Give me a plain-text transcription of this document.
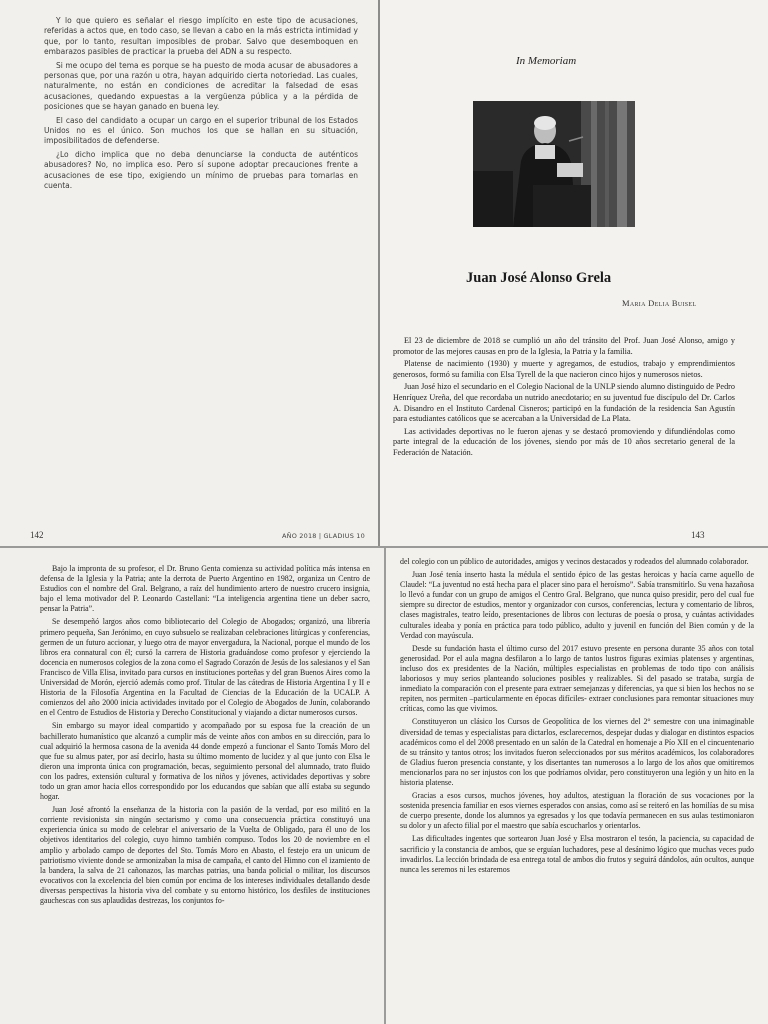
Y lo que quiero es señalar el riesgo implícito en este tipo de acusaciones, referidas a actos que, en todo caso, se llevan a cabo en la más estricta intimidad y que, por lo tanto, resultan imposibles de probar. Salvo que desemboquen en embarazos pasibles de practicar la prueba del ADN a su respecto.

Si me ocupo del tema es porque se ha puesto de moda acusar de abusadores a personas que, por una razón u otra, hayan adquirido cierta notoriedad. Las cuales, naturalmente, no están en condiciones de acreditar la falsedad de esas acusaciones, quedando expuestas a la vergüenza pública y a la pérdida de posiciones que se hayan ganado en buena ley.

El caso del candidato a ocupar un cargo en el superior tribunal de los Estados Unidos no es el único. Son muchos los que se hallan en su situación, imposibilitados de defenderse.

¿Lo dicho implica que no deba denunciarse la conducta de auténticos abusadores? No, no implica eso. Pero sí supone adoptar precauciones frente a acusaciones de ese tipo, exigiendo un mínimo de pruebas para tomarlas en cuenta.

142	AÑO 2018 | GLADIUS 10
In Memoriam
Juan José Alonso Grela
Maria Delia Buisel

El 23 de diciembre de 2018 se cumplió un año del tránsito del Prof. Juan José Alonso, amigo y promotor de las mejores causas en pro de la Iglesia, la Patria y la familia.

Platense de nacimiento (1930) y muerte y agregamos, de estudios, trabajo y emprendimientos generosos, formó su familia con Elsa Tyrell de la que nacieron cinco hijos y numerosos nietos.

Juan José hizo el secundario en el Colegio Nacional de la UNLP siendo alumno distinguido de Pedro Henríquez Ureña, del que recordaba un nutrido anecdotario; en su juventud fue discípulo del Dr. Carlos A. Disandro en el Instituto Cardenal Cisneros; participó en la fundación de la residencia San Agustín para estudiantes católicos que se acercaban a la Universidad de La Plata.

Las actividades deportivas no le fueron ajenas y se destacó promoviendo y difundiéndolas como parte integral de la educación de los jóvenes, siendo por más de 10 años secretario general de la Federación de Natación.

143

Bajo la impronta de su profesor, el Dr. Bruno Genta comienza su actividad política más intensa en defensa de la Iglesia y la Patria; ante la derrota de Puerto Argentino en 1982, organiza un Centro de Estudios con el nombre del Gral. Belgrano, a raíz del hundimiento artero de nuestro crucero insignia, bajo el lema motivador del P. Leonardo Castellani: “La inteligencia argentina tiene un deber sacro, pensar la Patria”.

Se desempeñó largos años como bibliotecario del Colegio de Abogados; organizó, una librería primero pequeña, San Jerónimo, en cuyo subsuelo se realizaban celebraciones litúrgicas y conferencias, germen de un futuro accionar, y luego otra de mayor envergadura, la Nacional, porque el mundo de los libros era connatural con él; cursó la carrera de Historia graduándose como profesor y ejerciendo la docencia en numerosos colegios de la zona como el Sagrado Corazón de Jesús de los salesianos y el San Francisco de Villa Elisa, invitado para cursos en instituciones porteñas y del gran Buenos Aires como la Universidad de Morón, ejerció además como prof. Titular de las cátedras de Historia Argentina I y II e Historia de la Filosofía Argentina en la Facultad de Ciencias de la Educación de la UCALP. A comienzos del año 2000 inicia actividades invitado por el Colegio de Abogados de Junín, colaborando en el Centro de Estudios de Historia y Derecho Constitucional y viajando a dictar numerosos cursos.

Sin embargo su mayor ideal compartido y acompañado por su esposa fue la creación de un bachillerato humanístico que alcanzó a cumplir más de veinte años con ambos en su dirección, para lo cual adquirió la hermosa casona de la avenida 44 donde empezó a funcionar el Santo Tomás Moro del que fue su almus pater, por así decirlo, hasta su último momento de lucidez y al que junto con Elsa le dieron una impronta única con programación, becas, seguimiento personal del alumnado, trato fluido con los padres, extensión cultural y formativa de los niños y jóvenes, actividades deportivas y sobre todo un gran amor hacia ellos correspondido por los educandos que sabían que allí estaba su segundo hogar.

Juan José afrontó la enseñanza de la historia con la pasión de la verdad, por eso militó en la corriente revisionista sin ningún sectarismo y como una consecuencia práctica constituyó una experiencia única su modo de celebrar el aniversario de la Vuelta de Obligado, para él uno de los objetivos identitarios del colegio, cuyo himno también compuso. Todos los 20 de noviembre en el amplio y arbolado campo de deportes del Sto. Tomás Moro en Abasto, el festejo era un unicum de patriotismo viviente donde se armonizaban la misa de campaña, el canto del Himno con el izamiento de la bandera, la salva de 21 cañonazos, las marchas patrias, una banda policial o militar, los discursos evocativos con la excelencia del bien común por encima de los intereses individuales detallando desde diversas perspectivas la historia viva del combate y su entorno histórico, los desfiles de instituciones gauchescas con sus aplaudidas destrezas, los conjuntos fo-

del colegio con un público de autoridades, amigos y vecinos destacados y rodeados del alumnado colaborador.

Juan José tenía inserto hasta la médula el sentido épico de las gestas heroicas y hacía carne aquello de Claudel: “La juventud no está hecha para el placer sino para el heroísmo”. Sabía transmitirlo. Su vena hazañosa lo llevó a fundar con un grupo de amigos el Centro Gral. Belgrano, que nunca quiso presidir, pero del cual fue siempre su director de estudios, mentor y organizador con cursos, conferencias, lectura y comentario de libros, clases magistrales, teatro leído, presentaciones de libros con lecturas de poesía o prosa, y cuántas actividades culturales ideaba y ponía en práctica para todo público, adulto y juvenil en función del Bien común y de la Verdad con mayúscula.

Desde su fundación hasta el último curso del 2017 estuvo presente en persona durante 35 años con total generosidad. Por el aula magna desfilaron a lo largo de tantos lustros figuras eximias platenses y argentinas, incluso dos ex presidentes de la Nación, múltiples especialistas en problemas de todo tipo con análisis laboriosos y muy serios planteando soluciones posibles y realizables. Si del pasado se trataba, surgía de inmediato la comparación con el presente para extraer semejanzas y diferencias, ya que si bien los hechos no se repiten, nos permiten –particularmente en épocas difíciles- extraer conclusiones para remontar situaciones muy críticas, como las que vivimos.

Constituyeron un clásico los Cursos de Geopolítica de los viernes del 2° semestre con una inimaginable diversidad de temas y especialistas para dictarlos, esclarecernos, despejar dudas y dialogar en distintos espacios académicos como el del 2008 presentado en un salón de la Catedral en homenaje a Pío XII en el cincuentenario de su tránsito y tantos otros; los invitados fueron seleccionados por sus méritos académicos, los colaboradores de Gladius fueron presencia constante, y los disertantes tan numerosos a lo largo de los años que omitiremos mencionarlos para no ser injustos con los que podríamos olvidar, pero constituyeron una legión y un hito en la historia platense.

Gracias a esos cursos, muchos jóvenes, hoy adultos, atestiguan la floración de sus vocaciones por la sostenida presencia familiar en esos viernes esperados con ansias, como así se reiteró en las homilías de su misa de cuerpo presente, donde los alumnos ya egresados y los que todavía permanecen en sus aulas testimoniaron su dolor y un afecto filial por el maestro que sabía escucharlos y orientarlos.

Las dificultades ingentes que sortearon Juan José y Elsa mostraron el tesón, la paciencia, su capacidad de sacrificio y la constancia de ambos, que se erguían luchadores, pese al desánimo lógico que muchas veces pudo invadirlos. La lección brindada de esa entrega total de ambos dio frutos y seguirá dándolos, aún ocultos, aunque nunca les seremos ni les estaremos
